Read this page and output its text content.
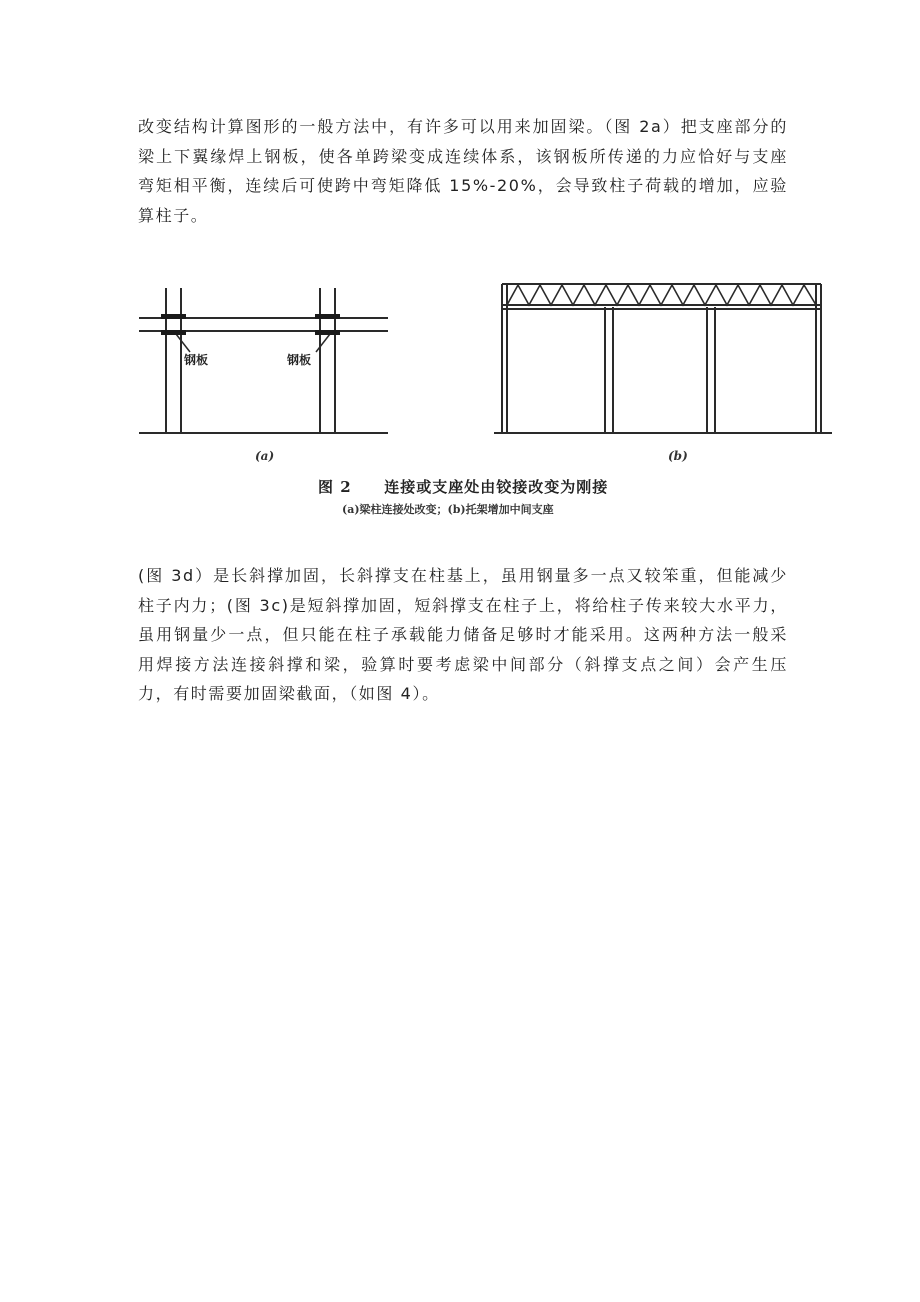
改变结构计算图形的一般方法中，有许多可以用来加固梁。（图 2a）把支座部分的梁上下翼缘焊上钢板，使各单跨梁变成连续体系，该钢板所传递的力应恰好与支座弯矩相平衡，连续后可使跨中弯矩降低 15%-20%，会导致柱子荷载的增加，应验算柱子。

钢板	钢板
(a)	(b)
图 2 连接或支座处由铰接改变为刚接
(a)梁柱连接处改变；(b)托架增加中间支座

(图 3d）是长斜撑加固，长斜撑支在柱基上，虽用钢量多一点又较笨重，但能减少柱子内力；(图 3c)是短斜撑加固，短斜撑支在柱子上，将给柱子传来较大水平力，虽用钢量少一点，但只能在柱子承载能力储备足够时才能采用。这两种方法一般采用焊接方法连接斜撑和梁，验算时要考虑梁中间部分（斜撑支点之间）会产生压力，有时需要加固梁截面，（如图 4）。
